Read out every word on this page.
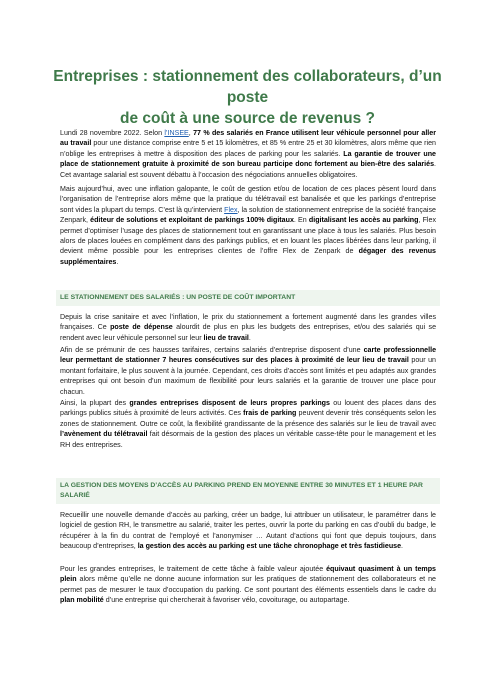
Entreprises : stationnement des collaborateurs, d’un poste
de coût à une source de revenus ?

Lundi 28 novembre 2022. Selon l’INSEE, 77 % des salariés en France utilisent leur véhicule personnel pour aller au travail pour une distance comprise entre 5 et 15 kilomètres, et 85 % entre 25 et 30 kilomètres, alors même que rien n’oblige les entreprises à mettre à disposition des places de parking pour les salariés. La garantie de trouver une place de stationnement gratuite à proximité de son bureau participe donc fortement au bien-être des salariés. Cet avantage salarial est souvent débattu à l’occasion des négociations annuelles obligatoires.

Mais aujourd’hui, avec une inflation galopante, le coût de gestion et/ou de location de ces places pèsent lourd dans l’organisation de l’entreprise alors même que la pratique du télétravail est banalisée et que les parkings d’entreprise sont vides la plupart du temps. C’est là qu’intervient Flex, la solution de stationnement entreprise de la société française Zenpark, éditeur de solutions et exploitant de parkings 100% digitaux. En digitalisant les accès au parking, Flex permet d’optimiser l’usage des places de stationnement tout en garantissant une place à tous les salariés. Plus besoin alors de places louées en complément dans des parkings publics, et en louant les places libérées dans leur parking, il devient même possible pour les entreprises clientes de l’offre Flex de Zenpark de dégager des revenus supplémentaires.

LE STATIONNEMENT DES SALARIÉS : UN POSTE DE COÛT IMPORTANT

Depuis la crise sanitaire et avec l’inflation, le prix du stationnement a fortement augmenté dans les grandes villes françaises. Ce poste de dépense alourdit de plus en plus les budgets des entreprises, et/ou des salariés qui se rendent avec leur véhicule personnel sur leur lieu de travail.

Afin de se prémunir de ces hausses tarifaires, certains salariés d’entreprise disposent d’une carte professionnelle leur permettant de stationner 7 heures consécutives sur des places à proximité de leur lieu de travail pour un montant forfaitaire, le plus souvent à la journée. Cependant, ces droits d’accès sont limités et peu adaptés aux grandes entreprises qui ont besoin d’un maximum de flexibilité pour leurs salariés et la garantie de trouver une place pour chacun.

Ainsi, la plupart des grandes entreprises disposent de leurs propres parkings ou louent des places dans des parkings publics situés à proximité de leurs activités. Ces frais de parking peuvent devenir très conséquents selon les zones de stationnement. Outre ce coût, la flexibilité grandissante de la présence des salariés sur le lieu de travail avec l’avènement du télétravail fait désormais de la gestion des places un véritable casse-tête pour le management et les RH des entreprises.

LA GESTION DES MOYENS D’ACCÈS AU PARKING PREND EN MOYENNE ENTRE 30 MINUTES ET 1 HEURE PAR SALARIÉ

Recueillir une nouvelle demande d’accès au parking, créer un badge, lui attribuer un utilisateur, le paramétrer dans le logiciel de gestion RH, le transmettre au salarié, traiter les pertes, ouvrir la porte du parking en cas d’oubli du badge, le récupérer à la fin du contrat de l’employé et l’anonymiser … Autant d’actions qui font que depuis toujours, dans beaucoup d’entreprises, la gestion des accès au parking est une tâche chronophage et très fastidieuse.

Pour les grandes entreprises, le traitement de cette tâche à faible valeur ajoutée équivaut quasiment à un temps plein alors même qu’elle ne donne aucune information sur les pratiques de stationnement des collaborateurs et ne permet pas de mesurer le taux d’occupation du parking. Ce sont pourtant des éléments essentiels dans le cadre du plan mobilité d’une entreprise qui chercherait à favoriser vélo, covoiturage, ou autopartage.
